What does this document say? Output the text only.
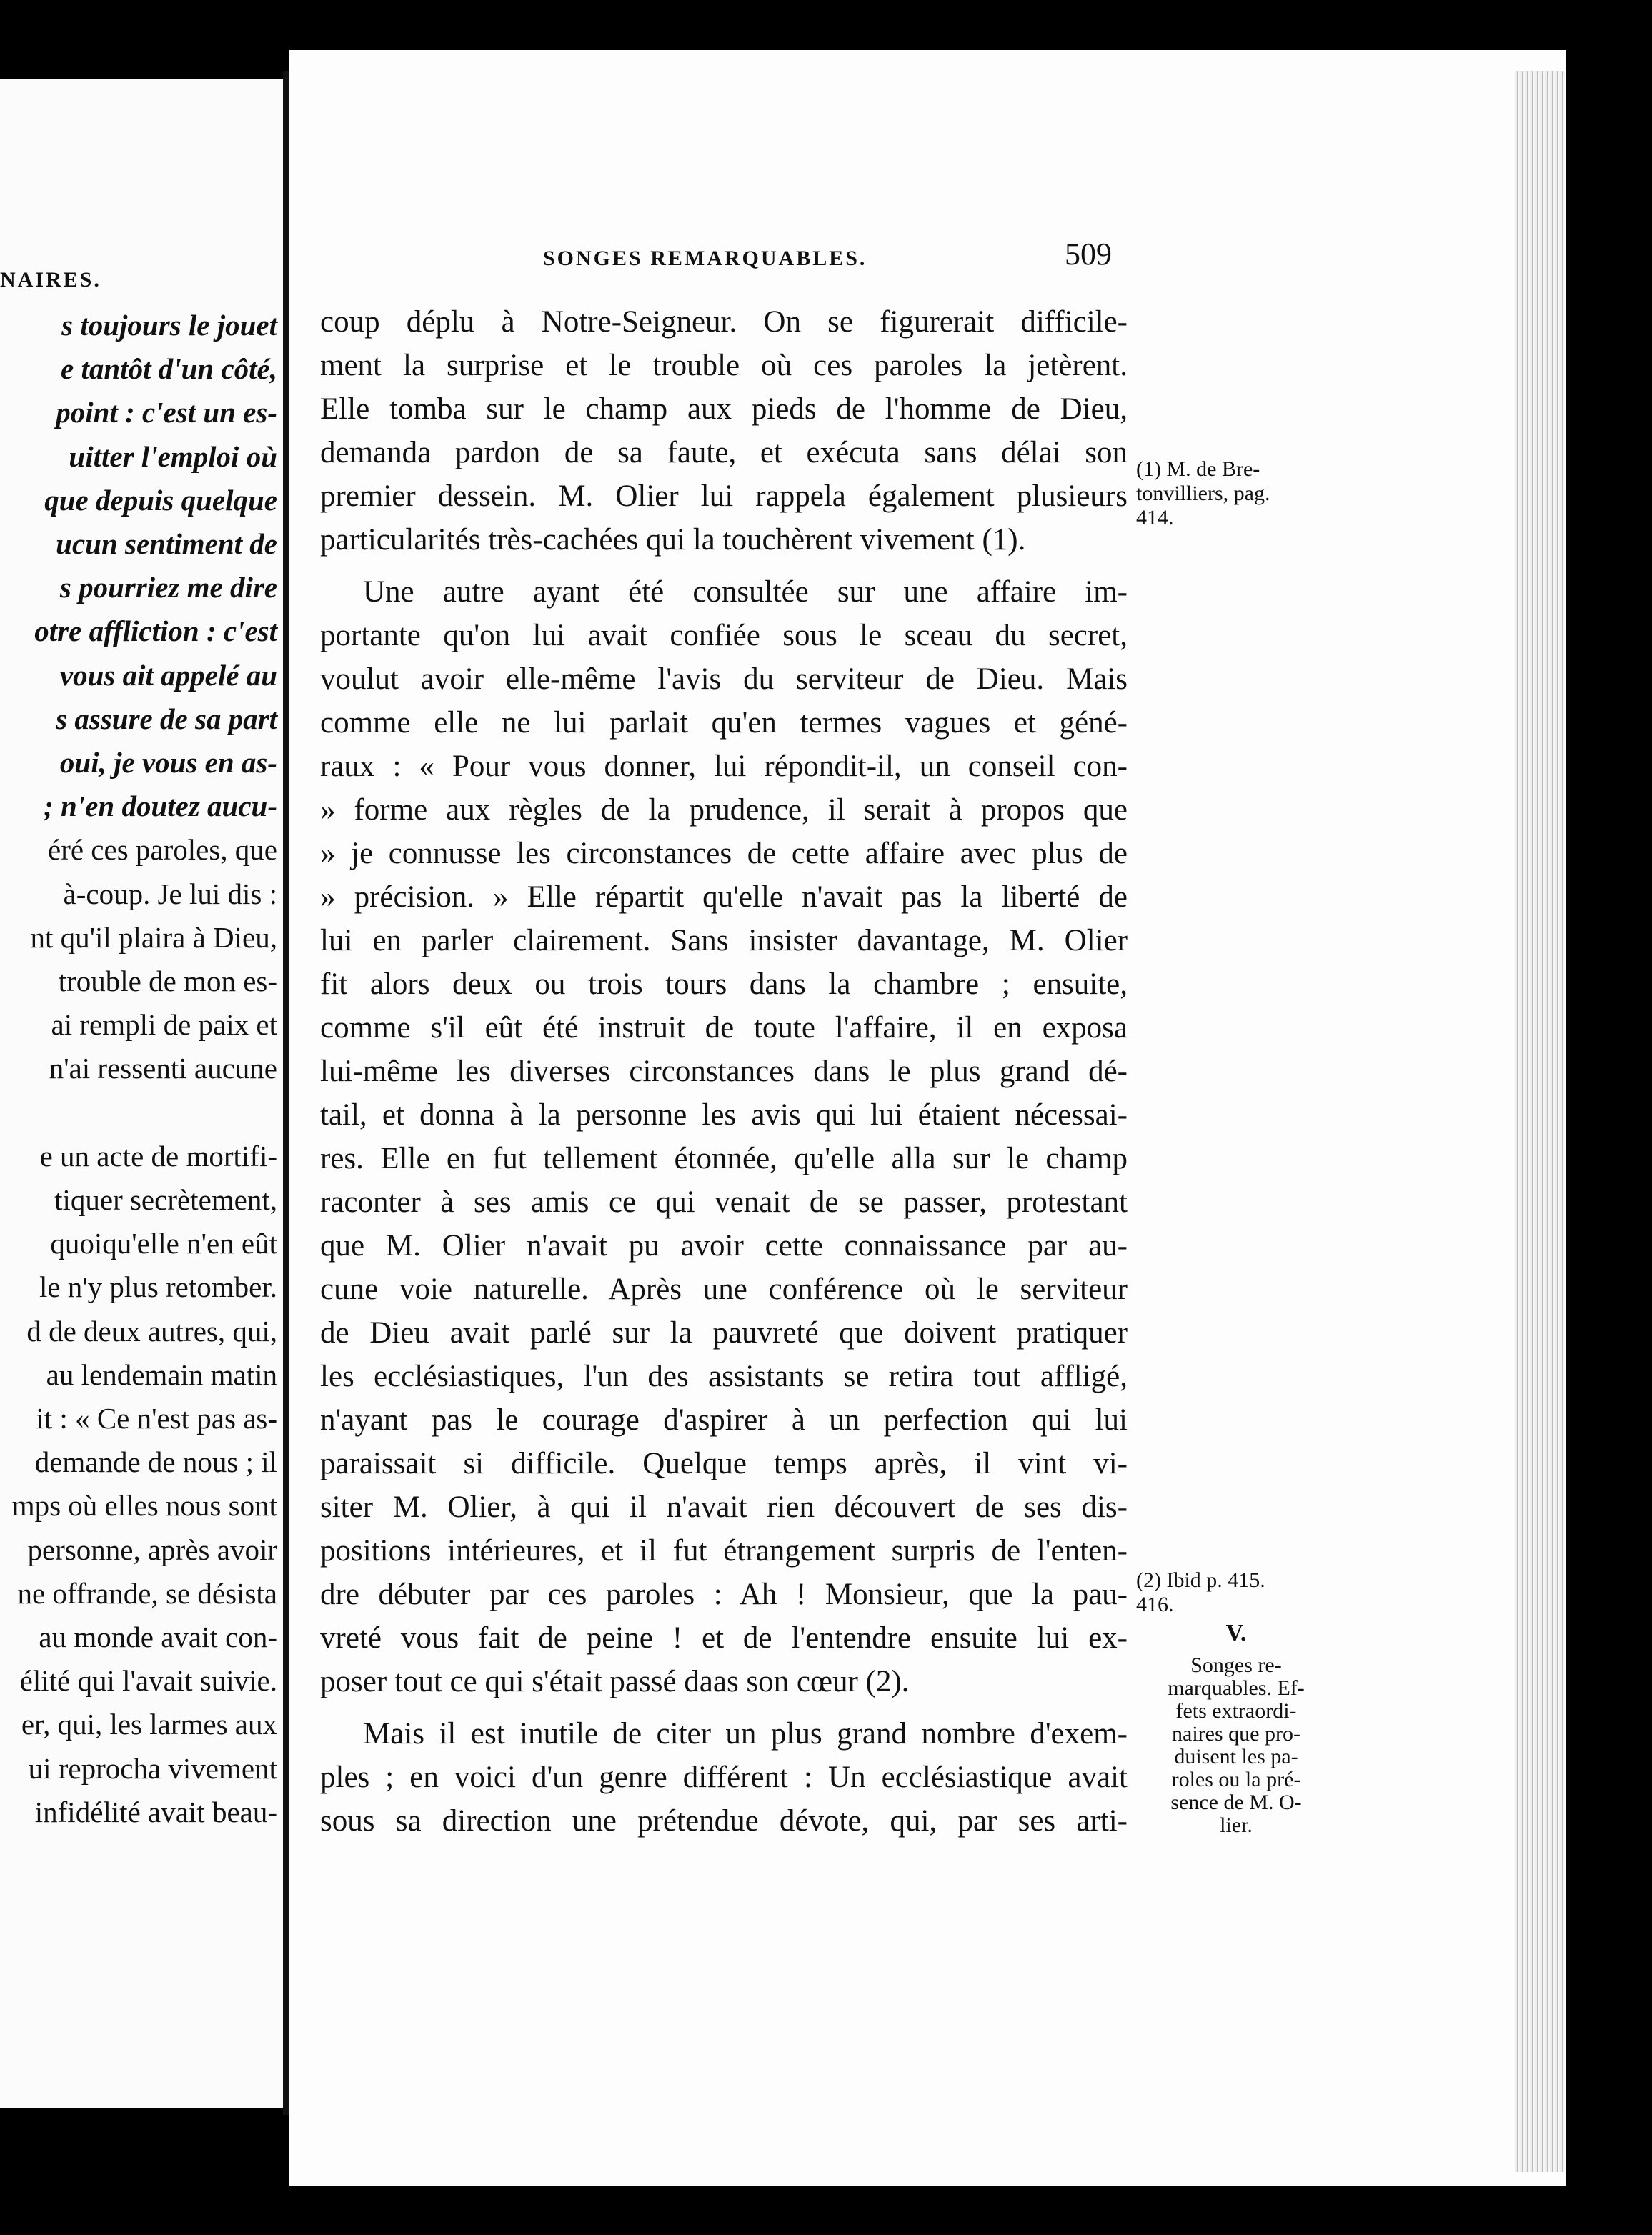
NAIRES.
s toujours le jouet
e tantôt d'un côté,
point : c'est un es-
uitter l'emploi où
que depuis quelque
ucun sentiment de
s pourriez me dire
otre affliction : c'est
vous ait appelé au
s assure de sa part
oui, je vous en as-
; n'en doutez aucu-
éré ces paroles, que
à-coup. Je lui dis :
nt qu'il plaira à Dieu,
trouble de mon es-
ai rempli de paix et
n'ai ressenti aucune
e un acte de mortifi-
tiquer secrètement,
quoiqu'elle n'en eût
le n'y plus retomber.
d de deux autres, qui,
au lendemain matin
it : « Ce n'est pas as-
demande de nous ; il
mps où elles nous sont
personne, après avoir
ne offrande, se désista
au monde avait con-
élité qui l'avait suivie.
er, qui, les larmes aux
ui reprocha vivement
infidélité avait beau-
SONGES REMARQUABLES.	509
coup déplu à Notre-Seigneur. On se figurerait difficile-
ment la surprise et le trouble où ces paroles la jetèrent.
Elle tomba sur le champ aux pieds de l'homme de Dieu,
demanda pardon de sa faute, et exécuta sans délai son
premier dessein. M. Olier lui rappela également plusieurs
particularités très-cachées qui la touchèrent vivement (1).
Une autre ayant été consultée sur une affaire im-
portante qu'on lui avait confiée sous le sceau du secret,
voulut avoir elle-même l'avis du serviteur de Dieu. Mais
comme elle ne lui parlait qu'en termes vagues et géné-
raux : « Pour vous donner, lui répondit-il, un conseil con-
» forme aux règles de la prudence, il serait à propos que
» je connusse les circonstances de cette affaire avec plus de
» précision. » Elle répartit qu'elle n'avait pas la liberté de
lui en parler clairement. Sans insister davantage, M. Olier
fit alors deux ou trois tours dans la chambre ; ensuite,
comme s'il eût été instruit de toute l'affaire, il en exposa
lui-même les diverses circonstances dans le plus grand dé-
tail, et donna à la personne les avis qui lui étaient nécessai-
res. Elle en fut tellement étonnée, qu'elle alla sur le champ
raconter à ses amis ce qui venait de se passer, protestant
que M. Olier n'avait pu avoir cette connaissance par au-
cune voie naturelle. Après une conférence où le serviteur
de Dieu avait parlé sur la pauvreté que doivent pratiquer
les ecclésiastiques, l'un des assistants se retira tout affligé,
n'ayant pas le courage d'aspirer à un perfection qui lui
paraissait si difficile. Quelque temps après, il vint vi-
siter M. Olier, à qui il n'avait rien découvert de ses dis-
positions intérieures, et il fut étrangement surpris de l'enten-
dre débuter par ces paroles : Ah ! Monsieur, que la pau-
vreté vous fait de peine ! et de l'entendre ensuite lui ex-
poser tout ce qui s'était passé daas son cœur (2).
Mais il est inutile de citer un plus grand nombre d'exem-
ples ; en voici d'un genre différent : Un ecclésiastique avait
sous sa direction une prétendue dévote, qui, par ses arti-
(1) M. de Bre-
tonvilliers, pag.
414.
(2) Ibid p. 415.
416.
V.
Songes re-
marquables. Ef-
fets extraordi-
naires que pro-
duisent les pa-
roles ou la pré-
sence de M. O-
lier.
